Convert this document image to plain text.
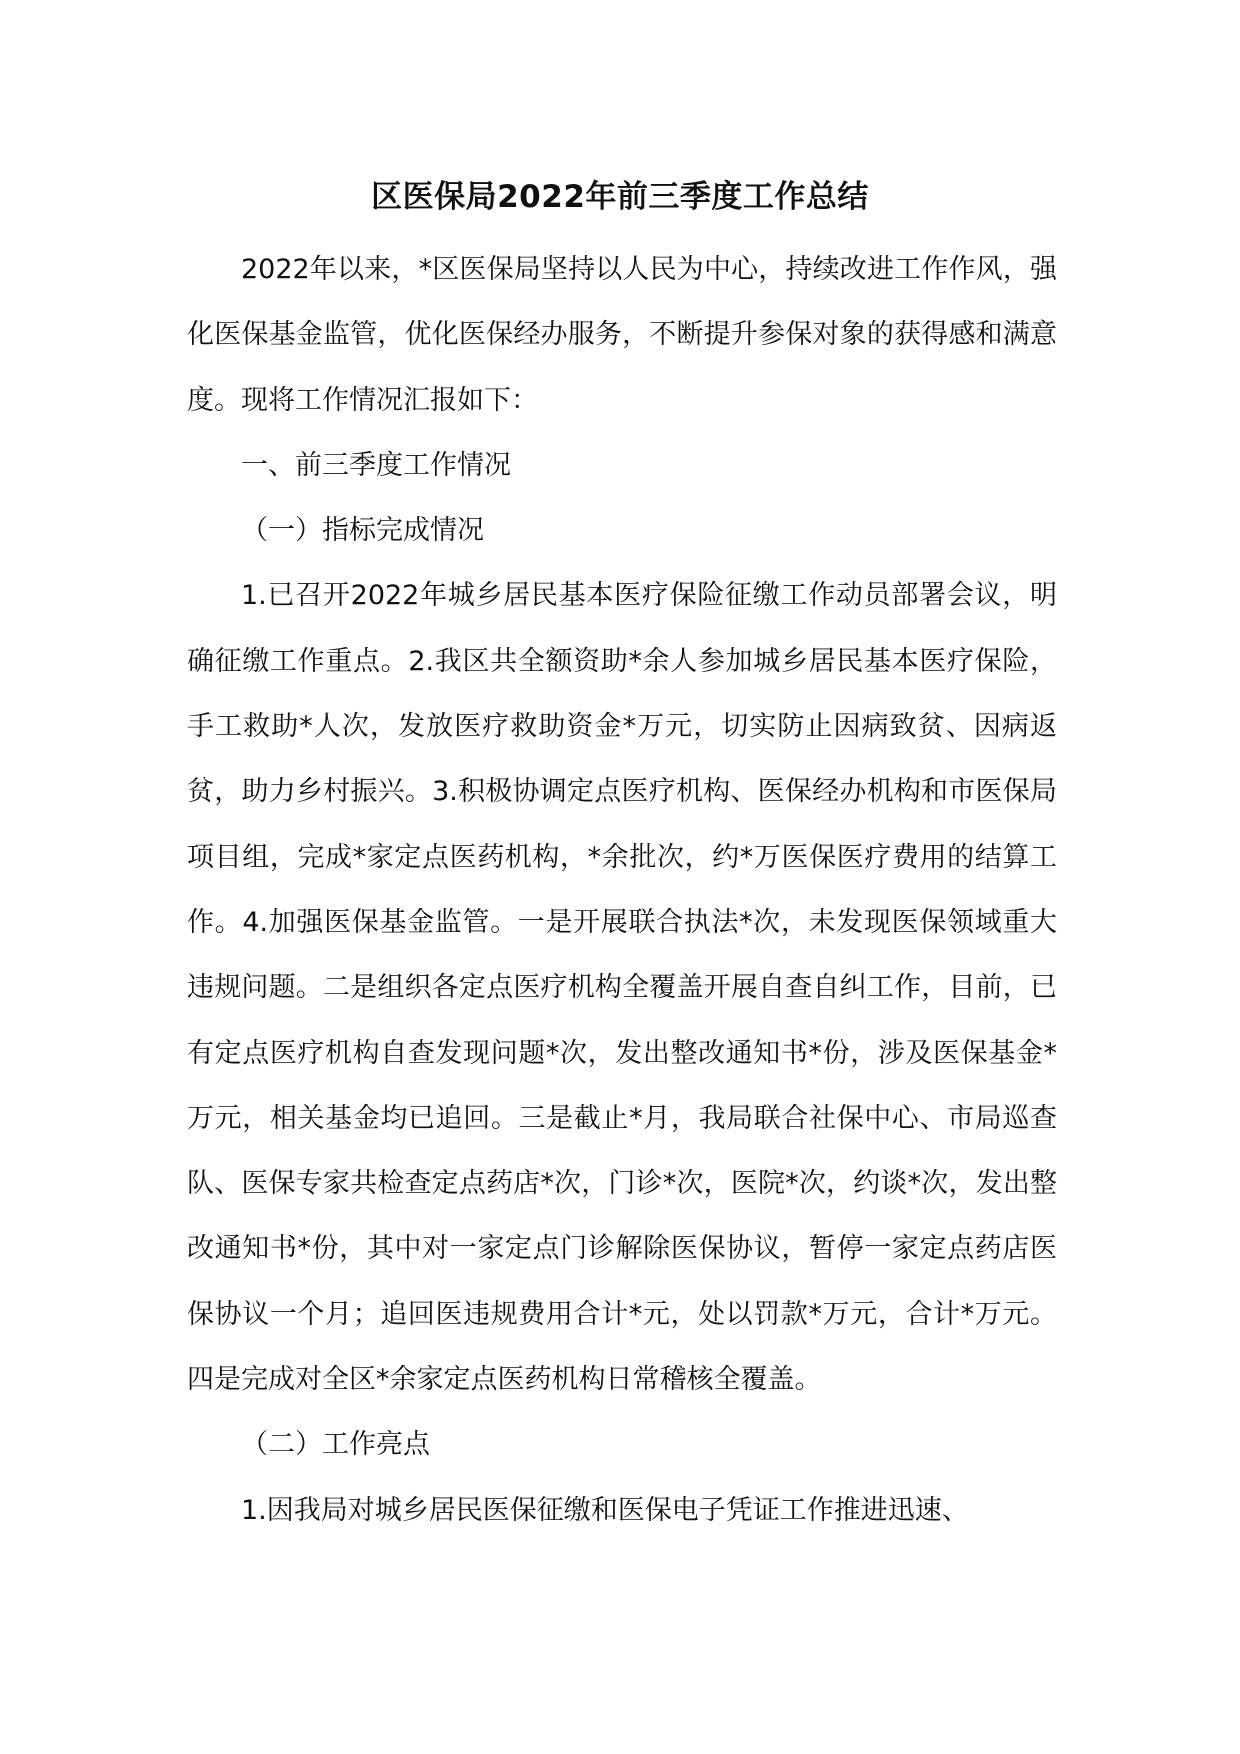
区医保局2022年前三季度工作总结

2022年以来，*区医保局坚持以人民为中心，持续改进工作作风，强化医保基金监管，优化医保经办服务，不断提升参保对象的获得感和满意度。现将工作情况汇报如下：

一、前三季度工作情况

（一）指标完成情况

1.已召开2022年城乡居民基本医疗保险征缴工作动员部署会议，明确征缴工作重点。2.我区共全额资助*余人参加城乡居民基本医疗保险，手工救助*人次，发放医疗救助资金*万元，切实防止因病致贫、因病返贫，助力乡村振兴。3.积极协调定点医疗机构、医保经办机构和市医保局项目组，完成*家定点医药机构，*余批次，约*万医保医疗费用的结算工作。4.加强医保基金监管。一是开展联合执法*次，未发现医保领域重大违规问题。二是组织各定点医疗机构全覆盖开展自查自纠工作，目前，已有定点医疗机构自查发现问题*次，发出整改通知书*份，涉及医保基金*万元，相关基金均已追回。三是截止*月，我局联合社保中心、市局巡查队、医保专家共检查定点药店*次，门诊*次，医院*次，约谈*次，发出整改通知书*份，其中对一家定点门诊解除医保协议，暂停一家定点药店医保协议一个月；追回医违规费用合计*元，处以罚款*万元，合计*万元。四是完成对全区*余家定点医药机构日常稽核全覆盖。

（二）工作亮点

1.因我局对城乡居民医保征缴和医保电子凭证工作推进迅速、
